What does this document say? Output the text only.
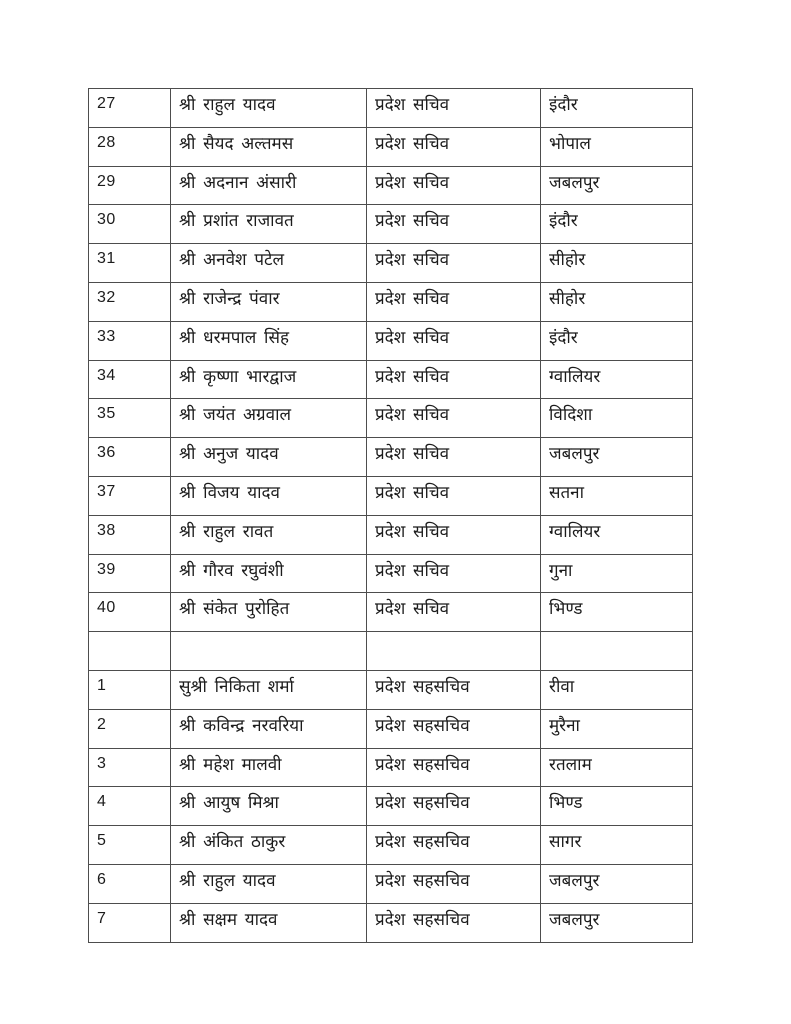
27	श्री राहुल यादव	प्रदेश सचिव	इंदौर
28	श्री सैयद अल्तमस	प्रदेश सचिव	भोपाल
29	श्री अदनान अंसारी	प्रदेश सचिव	जबलपुर
30	श्री प्रशांत राजावत	प्रदेश सचिव	इंदौर
31	श्री अनवेश पटेल	प्रदेश सचिव	सीहोर
32	श्री राजेन्द्र पंवार	प्रदेश सचिव	सीहोर
33	श्री धरमपाल सिंह	प्रदेश सचिव	इंदौर
34	श्री कृष्णा भारद्वाज	प्रदेश सचिव	ग्वालियर
35	श्री जयंत अग्रवाल	प्रदेश सचिव	विदिशा
36	श्री अनुज यादव	प्रदेश सचिव	जबलपुर
37	श्री विजय यादव	प्रदेश सचिव	सतना
38	श्री राहुल रावत	प्रदेश सचिव	ग्वालियर
39	श्री गौरव रघुवंशी	प्रदेश सचिव	गुना
40	श्री संकेत पुरोहित	प्रदेश सचिव	भिण्ड

1	सुश्री निकिता शर्मा	प्रदेश सहसचिव	रीवा
2	श्री कविन्द्र नरवरिया	प्रदेश सहसचिव	मुरैना
3	श्री महेश मालवी	प्रदेश सहसचिव	रतलाम
4	श्री आयुष मिश्रा	प्रदेश सहसचिव	भिण्ड
5	श्री अंकित ठाकुर	प्रदेश सहसचिव	सागर
6	श्री राहुल यादव	प्रदेश सहसचिव	जबलपुर
7	श्री सक्षम यादव	प्रदेश सहसचिव	जबलपुर
